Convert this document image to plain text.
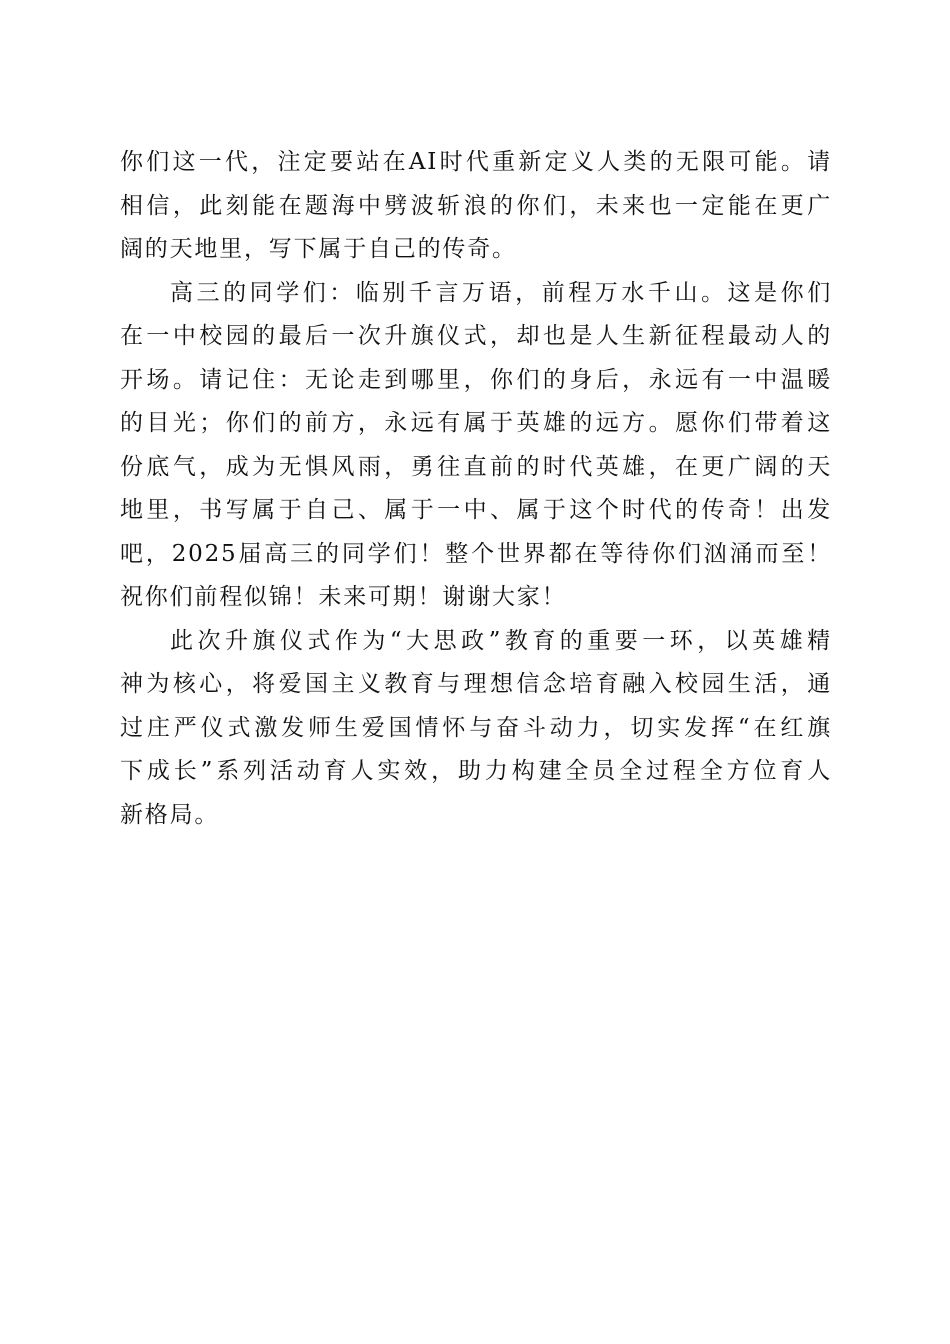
你们这一代，注定要站在AI时代重新定义人类的无限可能。请
相信，此刻能在题海中劈波斩浪的你们，未来也一定能在更广
阔的天地里，写下属于自己的传奇。
高三的同学们：临别千言万语，前程万水千山。这是你们
在一中校园的最后一次升旗仪式，却也是人生新征程最动人的
开场。请记住：无论走到哪里，你们的身后，永远有一中温暖
的目光；你们的前方，永远有属于英雄的远方。愿你们带着这
份底气，成为无惧风雨，勇往直前的时代英雄，在更广阔的天
地里，书写属于自己、属于一中、属于这个时代的传奇！出发
吧，2025届高三的同学们！整个世界都在等待你们汹涌而至！
祝你们前程似锦！未来可期！谢谢大家！
此次升旗仪式作为“大思政”教育的重要一环，以英雄精
神为核心，将爱国主义教育与理想信念培育融入校园生活，通
过庄严仪式激发师生爱国情怀与奋斗动力，切实发挥“在红旗
下成长”系列活动育人实效，助力构建全员全过程全方位育人
新格局。
